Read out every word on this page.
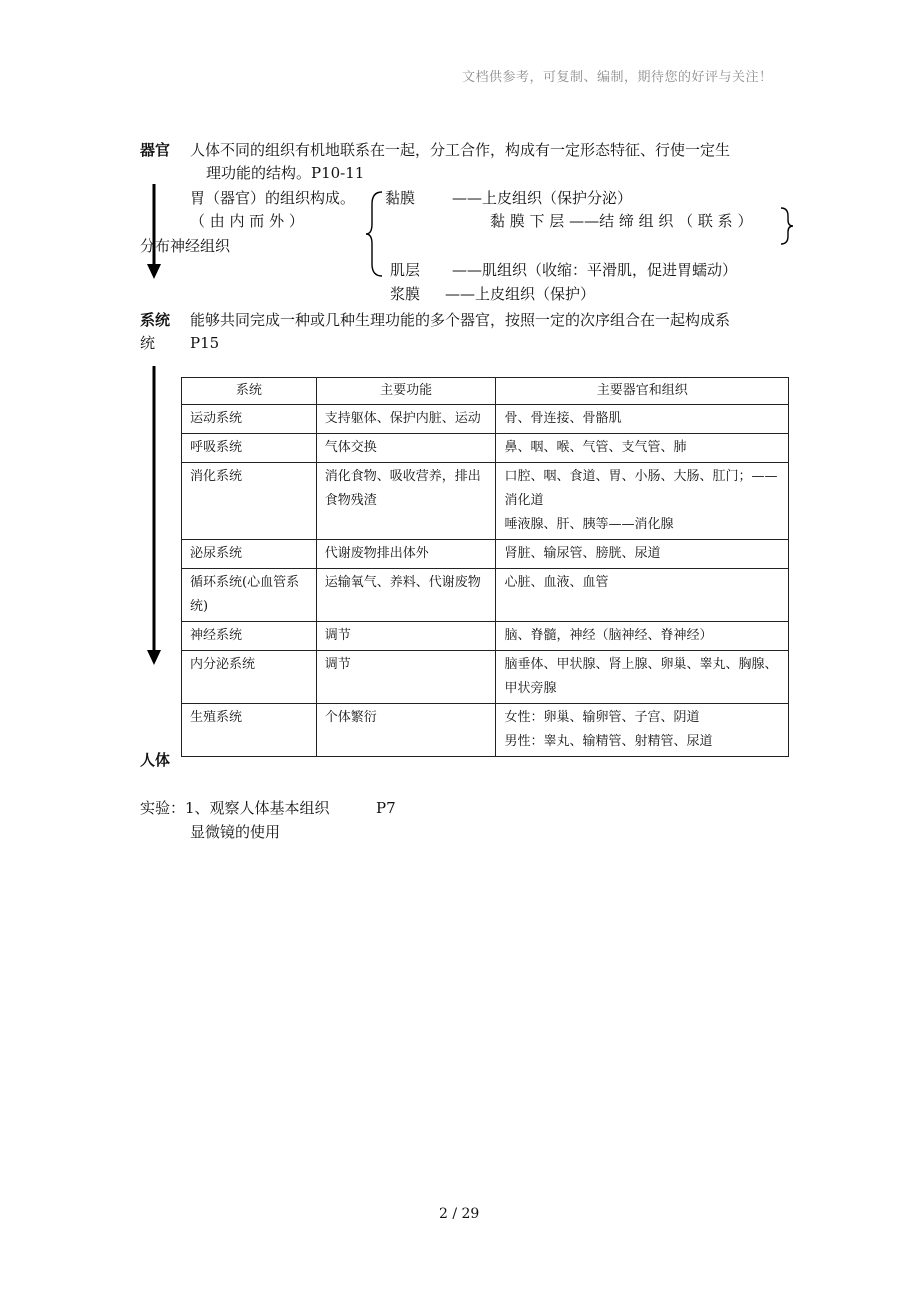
文档供参考，可复制、编制，期待您的好评与关注！
器官 人体不同的组织有机地联系在一起，分工合作，构成有一定形态特征、行使一定生
理功能的结构。P10-11
胃（器官）的组织构成。
（ 由 内 而 外 ）
分布神经组织
黏膜 ——上皮组织（保护分泌）
黏 膜 下 层 ——结 缔 组 织 （ 联 系 ）
肌层 ——肌组织（收缩：平滑肌，促进胃蠕动）
浆膜 ——上皮组织（保护）
系统 能够共同完成一种或几种生理功能的多个器官，按照一定的次序组合在一起构成系
统 P15
系统	主要功能	主要器官和组织
运动系统	支持躯体、保护内脏、运动	骨、骨连接、骨骼肌
呼吸系统	气体交换	鼻、咽、喉、气管、支气管、肺
消化系统	消化食物、吸收营养，排出食物残渣	口腔、咽、食道、胃、小肠、大肠、肛门；——消化道
唾液腺、肝、胰等——消化腺

泌尿系统	代谢废物排出体外	肾脏、输尿管、膀胱、尿道
循环系统(心血管系统)	运输氧气、养料、代谢废物	心脏、血液、血管
神经系统	调节	脑、脊髓，神经（脑神经、脊神经）
内分泌系统	调节	脑垂体、甲状腺、肾上腺、卵巢、睾丸、胸腺、甲状旁腺
生殖系统	个体繁衍	女性：卵巢、输卵管、子宫、阴道
男性：睾丸、输精管、射精管、尿道
人体
实验：1、观察人体基本组织	P7
显微镜的使用
2 / 29
